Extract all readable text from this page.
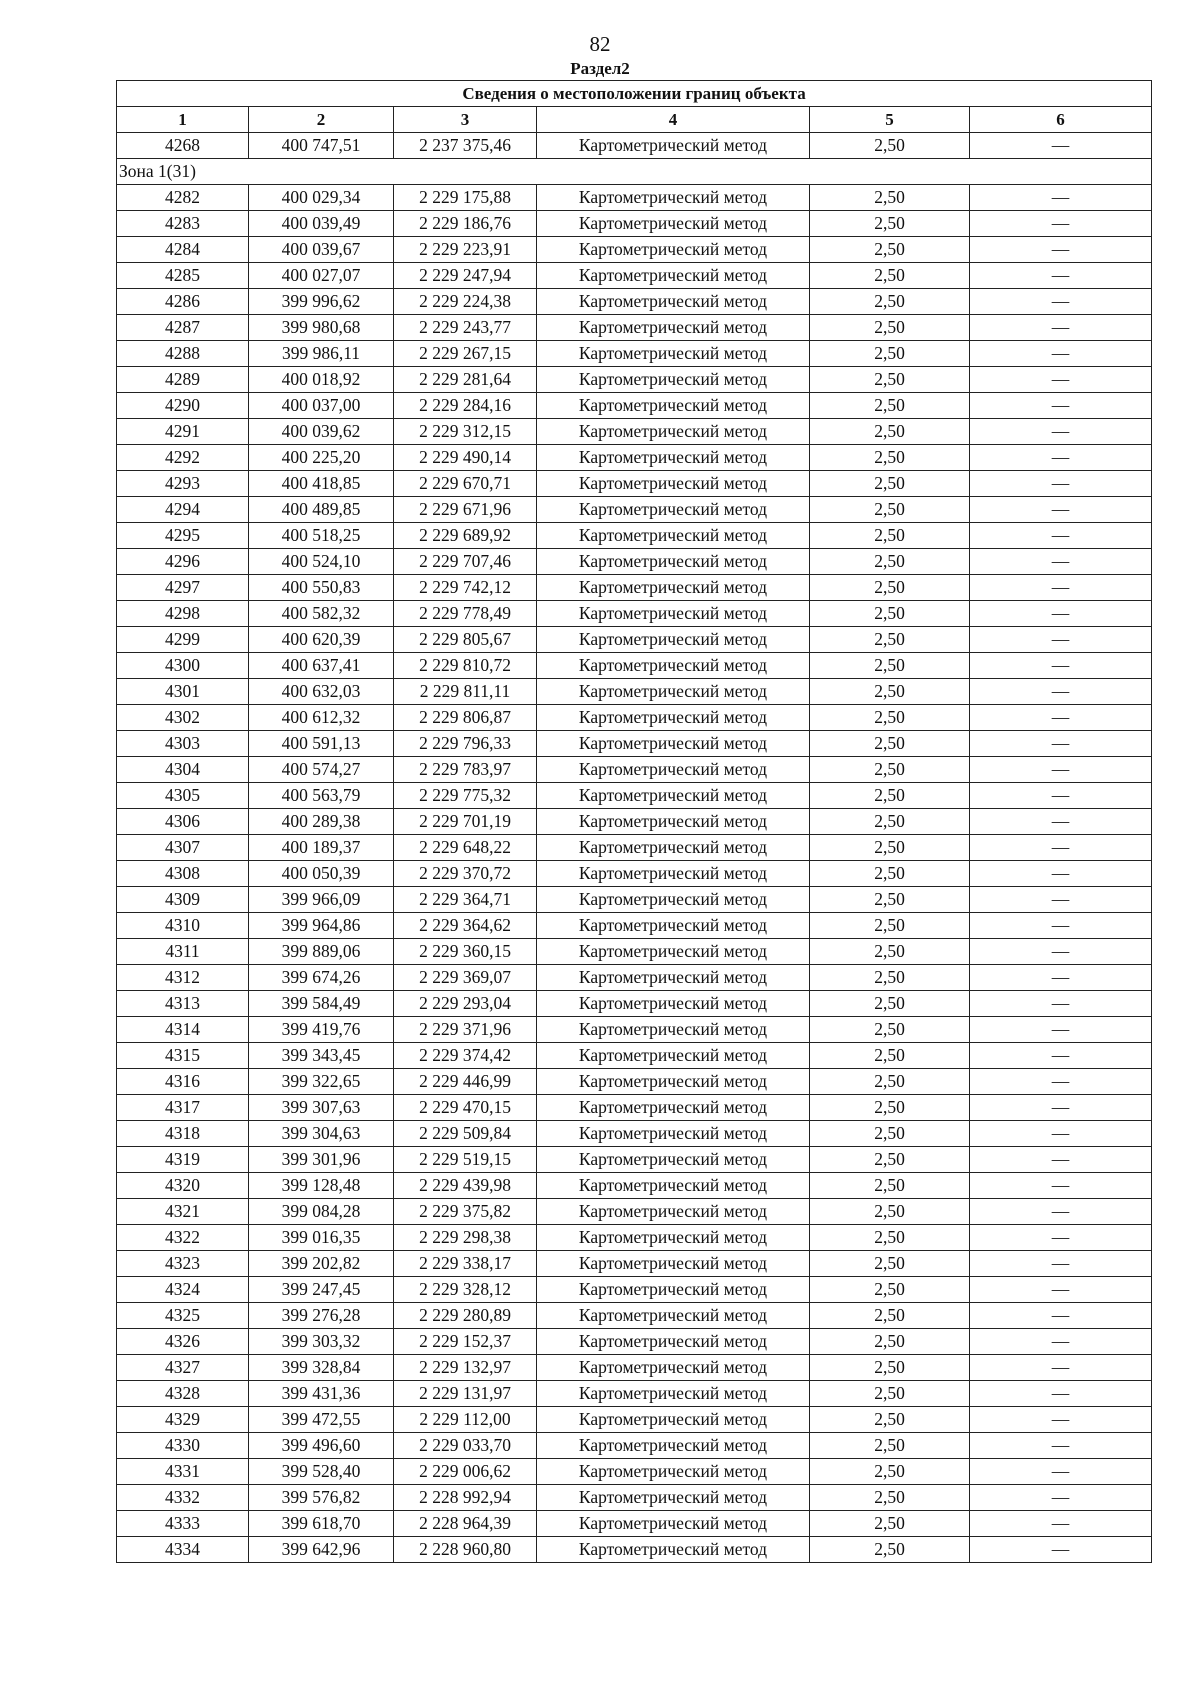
82
Раздел2
Сведения о местоположении границ объекта					
1	2	3	4	5	6
4268	400 747,51	2 237 375,46	Картометрический метод	2,50	—
Зона 1(31)					
4282	400 029,34	2 229 175,88	Картометрический метод	2,50	—
4283	400 039,49	2 229 186,76	Картометрический метод	2,50	—
4284	400 039,67	2 229 223,91	Картометрический метод	2,50	—
4285	400 027,07	2 229 247,94	Картометрический метод	2,50	—
4286	399 996,62	2 229 224,38	Картометрический метод	2,50	—
4287	399 980,68	2 229 243,77	Картометрический метод	2,50	—
4288	399 986,11	2 229 267,15	Картометрический метод	2,50	—
4289	400 018,92	2 229 281,64	Картометрический метод	2,50	—
4290	400 037,00	2 229 284,16	Картометрический метод	2,50	—
4291	400 039,62	2 229 312,15	Картометрический метод	2,50	—
4292	400 225,20	2 229 490,14	Картометрический метод	2,50	—
4293	400 418,85	2 229 670,71	Картометрический метод	2,50	—
4294	400 489,85	2 229 671,96	Картометрический метод	2,50	—
4295	400 518,25	2 229 689,92	Картометрический метод	2,50	—
4296	400 524,10	2 229 707,46	Картометрический метод	2,50	—
4297	400 550,83	2 229 742,12	Картометрический метод	2,50	—
4298	400 582,32	2 229 778,49	Картометрический метод	2,50	—
4299	400 620,39	2 229 805,67	Картометрический метод	2,50	—
4300	400 637,41	2 229 810,72	Картометрический метод	2,50	—
4301	400 632,03	2 229 811,11	Картометрический метод	2,50	—
4302	400 612,32	2 229 806,87	Картометрический метод	2,50	—
4303	400 591,13	2 229 796,33	Картометрический метод	2,50	—
4304	400 574,27	2 229 783,97	Картометрический метод	2,50	—
4305	400 563,79	2 229 775,32	Картометрический метод	2,50	—
4306	400 289,38	2 229 701,19	Картометрический метод	2,50	—
4307	400 189,37	2 229 648,22	Картометрический метод	2,50	—
4308	400 050,39	2 229 370,72	Картометрический метод	2,50	—
4309	399 966,09	2 229 364,71	Картометрический метод	2,50	—
4310	399 964,86	2 229 364,62	Картометрический метод	2,50	—
4311	399 889,06	2 229 360,15	Картометрический метод	2,50	—
4312	399 674,26	2 229 369,07	Картометрический метод	2,50	—
4313	399 584,49	2 229 293,04	Картометрический метод	2,50	—
4314	399 419,76	2 229 371,96	Картометрический метод	2,50	—
4315	399 343,45	2 229 374,42	Картометрический метод	2,50	—
4316	399 322,65	2 229 446,99	Картометрический метод	2,50	—
4317	399 307,63	2 229 470,15	Картометрический метод	2,50	—
4318	399 304,63	2 229 509,84	Картометрический метод	2,50	—
4319	399 301,96	2 229 519,15	Картометрический метод	2,50	—
4320	399 128,48	2 229 439,98	Картометрический метод	2,50	—
4321	399 084,28	2 229 375,82	Картометрический метод	2,50	—
4322	399 016,35	2 229 298,38	Картометрический метод	2,50	—
4323	399 202,82	2 229 338,17	Картометрический метод	2,50	—
4324	399 247,45	2 229 328,12	Картометрический метод	2,50	—
4325	399 276,28	2 229 280,89	Картометрический метод	2,50	—
4326	399 303,32	2 229 152,37	Картометрический метод	2,50	—
4327	399 328,84	2 229 132,97	Картометрический метод	2,50	—
4328	399 431,36	2 229 131,97	Картометрический метод	2,50	—
4329	399 472,55	2 229 112,00	Картометрический метод	2,50	—
4330	399 496,60	2 229 033,70	Картометрический метод	2,50	—
4331	399 528,40	2 229 006,62	Картометрический метод	2,50	—
4332	399 576,82	2 228 992,94	Картометрический метод	2,50	—
4333	399 618,70	2 228 964,39	Картометрический метод	2,50	—
4334	399 642,96	2 228 960,80	Картометрический метод	2,50	—
